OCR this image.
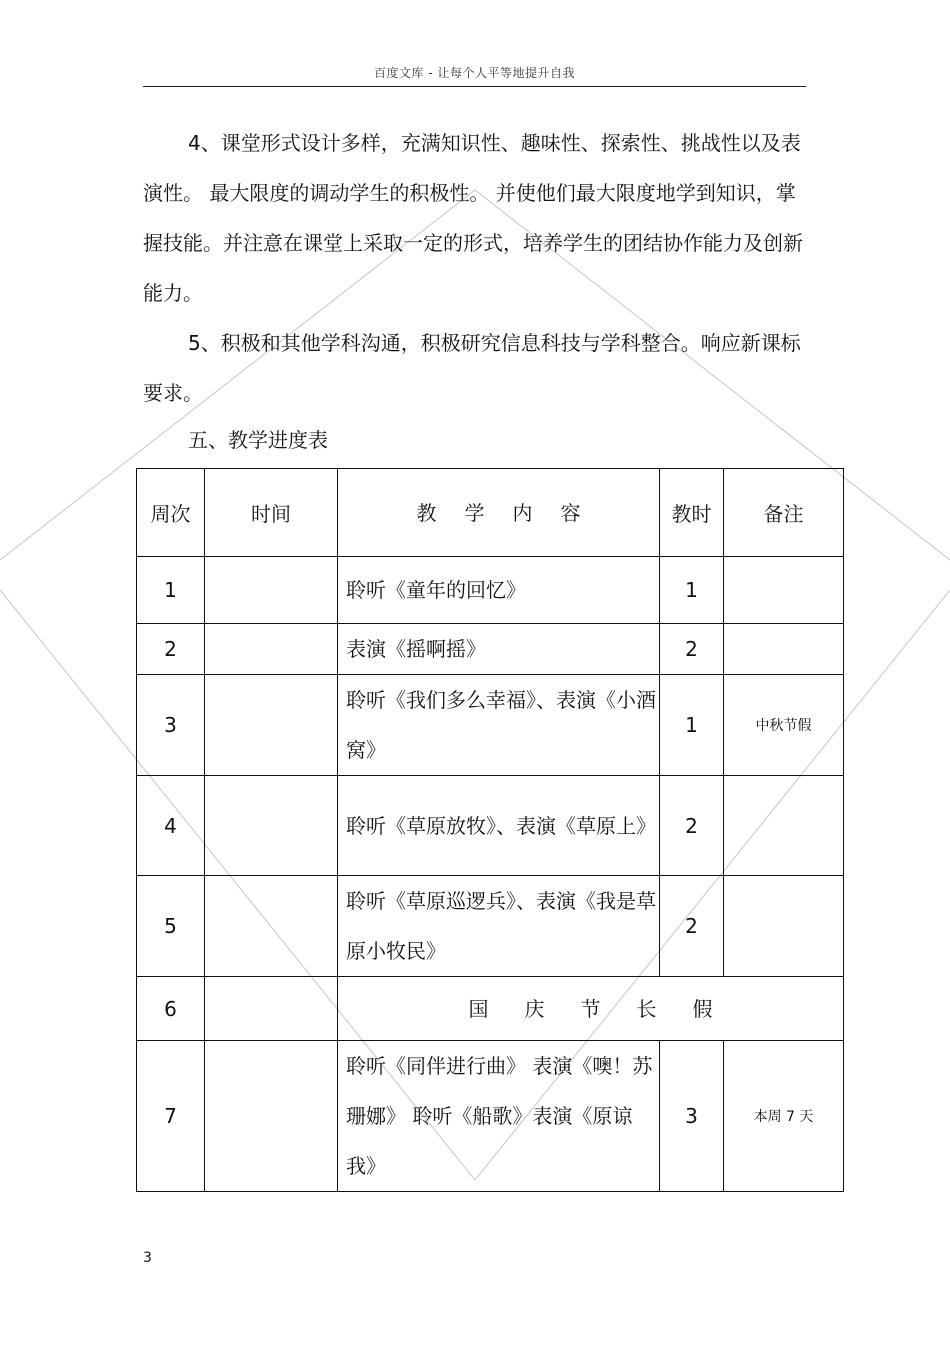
百度文库 - 让每个人平等地提升自我

4、课堂形式设计多样，充满知识性、趣味性、探索性、挑战性以及表演性。 最大限度的调动学生的积极性。 并使他们最大限度地学到知识，掌握技能。并注意在课堂上采取一定的形式，培养学生的团结协作能力及创新能力。

5、积极和其他学科沟通，积极研究信息科技与学科整合。响应新课标要求。

五、教学进度表
周次	时间	教学内容	教时	备注
1		聆听《童年的回忆》	1	
2		表演《摇啊摇》	2	
3		聆听《我们多么幸福》、表演《小酒窝》	1	中秋节假
4		聆听《草原放牧》、表演《草原上》	2	
5		聆听《草原巡逻兵》、表演《我是草原小牧民》	2	
6		国庆节长假		
7		聆听《同伴进行曲》 表演《噢！苏珊娜》 聆听《船歌》表演《原谅我》	3	本周 7 天
3
